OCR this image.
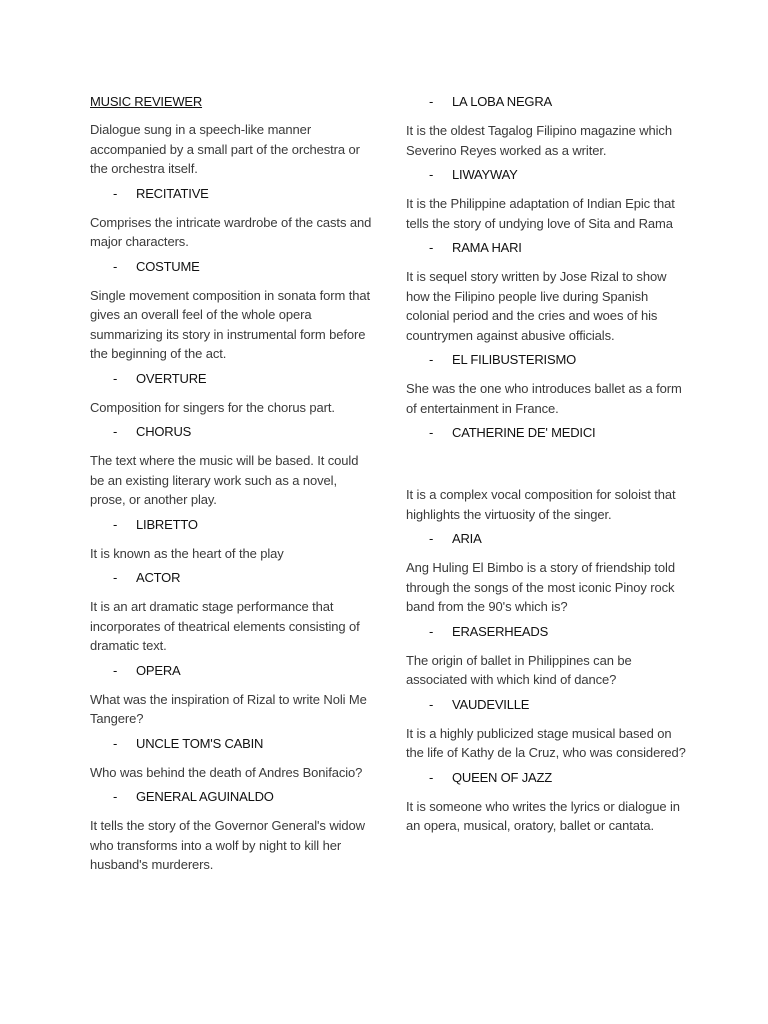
MUSIC REVIEWER

Dialogue sung in a speech-like manner accompanied by a small part of the orchestra or the orchestra itself.

- RECITATIVE

Comprises the intricate wardrobe of the casts and major characters.

- COSTUME

Single movement composition in sonata form that gives an overall feel of the whole opera summarizing its story in instrumental form before the beginning of the act.

- OVERTURE

Composition for singers for the chorus part.

- CHORUS

The text where the music will be based. It could be an existing literary work such as a novel, prose, or another play.

- LIBRETTO

It is known as the heart of the play

- ACTOR

It is an art dramatic stage performance that incorporates of theatrical elements consisting of dramatic text.

- OPERA

What was the inspiration of Rizal to write Noli Me Tangere?

- UNCLE TOM'S CABIN

Who was behind the death of Andres Bonifacio?

- GENERAL AGUINALDO

It tells the story of the Governor General's widow who transforms into a wolf by night to kill her husband's murderers.

- LA LOBA NEGRA

It is the oldest Tagalog Filipino magazine which Severino Reyes worked as a writer.

- LIWAYWAY

It is the Philippine adaptation of Indian Epic that tells the story of undying love of Sita and Rama

- RAMA HARI

It is sequel story written by Jose Rizal to show how the Filipino people live during Spanish colonial period and the cries and woes of his countrymen against abusive officials.

- EL FILIBUSTERISMO

She was the one who introduces ballet as a form of entertainment in France.

- CATHERINE DE' MEDICI

It is a complex vocal composition for soloist that highlights the virtuosity of the singer.

- ARIA

Ang Huling El Bimbo is a story of friendship told through the songs of the most iconic Pinoy rock band from the 90's which is?

- ERASERHEADS

The origin of ballet in Philippines can be associated with which kind of dance?

- VAUDEVILLE

It is a highly publicized stage musical based on the life of Kathy de la Cruz, who was considered?

- QUEEN OF JAZZ

It is someone who writes the lyrics or dialogue in an opera, musical, oratory, ballet or cantata.
